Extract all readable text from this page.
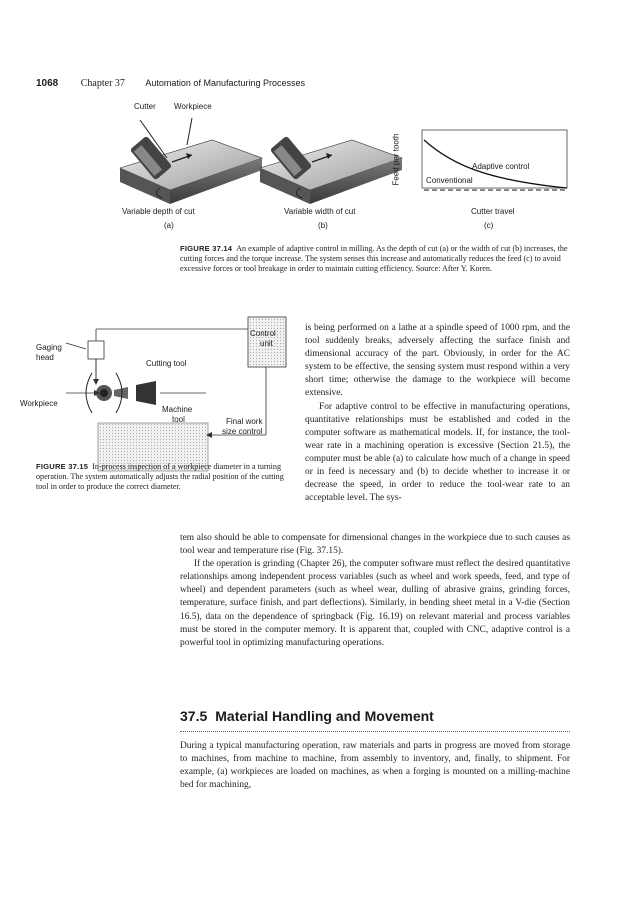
1068 Chapter 37 Automation of Manufacturing Processes
Cutter Workpiece
Variable depth of cut	Variable width of cut	Cutter travel
Feed per tooth	Adaptive control
Conventional
(a)	(b)	(c)
FIGURE 37.14 An example of adaptive control in milling. As the depth of cut (a) or the width of cut (b) increases, the cutting forces and the torque increase. The system senses this increase and automatically reduces the feed (c) to avoid excessive forces or tool breakage in order to maintain cutting efficiency. Source: After Y. Koren.
Gaging
head
Cutting tool
Control
unit
Workpiece
Machine
tool	Final work
size control
FIGURE 37.15 In-process inspection of a workpiece diameter in a turning operation. The system automatically adjusts the radial position of the cutting tool in order to produce the correct diameter.

is being performed on a lathe at a spindle speed of 1000 rpm, and the tool suddenly breaks, adversely affecting the surface finish and dimensional accuracy of the part. Obviously, in order for the AC system to be effective, the sensing system must respond within a very short time; otherwise the damage to the workpiece will become extensive.

For adaptive control to be effective in manufacturing operations, quantitative relationships must be established and coded in the computer software as mathematical models. If, for instance, the tool-wear rate in a machining operation is excessive (Section 21.5), the computer must be able (a) to calculate how much of a change in speed or in feed is necessary and (b) to decide whether to increase it or decrease the speed, in order to reduce the tool-wear rate to an acceptable level. The sys-

tem also should be able to compensate for dimensional changes in the workpiece due to such causes as tool wear and temperature rise (Fig. 37.15).

If the operation is grinding (Chapter 26), the computer software must reflect the desired quantitative relationships among independent process variables (such as wheel and work speeds, feed, and type of wheel) and dependent parameters (such as wheel wear, dulling of abrasive grains, grinding forces, temperature, surface finish, and part deflections). Similarly, in bending sheet metal in a V-die (Section 16.5), data on the dependence of springback (Fig. 16.19) on relevant material and process variables must be stored in the computer memory. It is apparent that, coupled with CNC, adaptive control is a powerful tool in optimizing manufacturing operations.

37.5 Material Handling and Movement

During a typical manufacturing operation, raw materials and parts in progress are moved from storage to machines, from machine to machine, from assembly to inventory, and, finally, to shipment. For example, (a) workpieces are loaded on machines, as when a forging is mounted on a milling-machine bed for machining,
